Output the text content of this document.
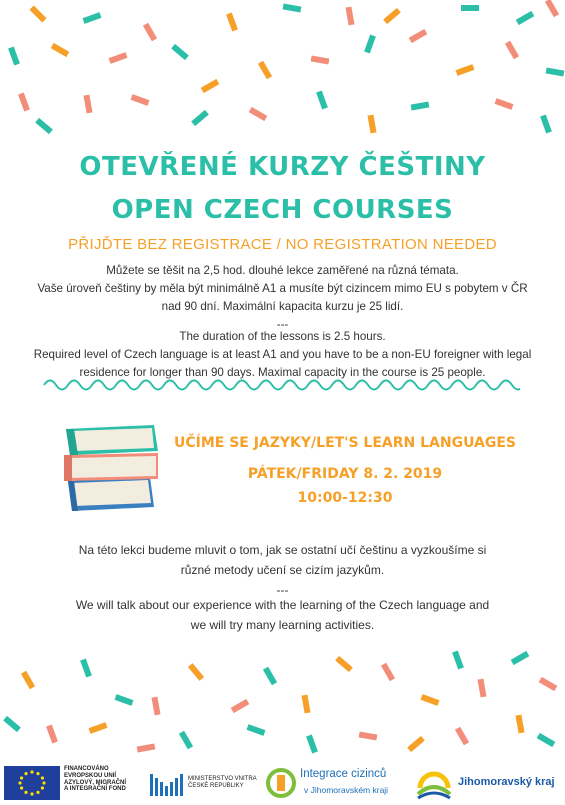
OTEVŘENÉ KURZY ČEŠTINY
OPEN CZECH COURSES
PŘIJĎTE BEZ REGISTRACE / NO REGISTRATION NEEDED
Můžete se těšit na 2,5 hod. dlouhé lekce zaměřené na různá témata.
Vaše úroveň češtiny by měla být minimálně A1 a musíte být cizincem mimo EU s pobytem v ČR
nad 90 dní. Maximální kapacita kurzu je 25 lidí.
---
The duration of the lessons is 2.5 hours.
Required level of Czech language is at least A1 and you have to be a non-EU foreigner with legal
residence for longer than 90 days. Maximal capacity in the course is 25 people.
UČÍME SE JAZYKY/LET'S LEARN LANGUAGES
PÁTEK/FRIDAY 8. 2. 2019
10:00-12:30
Na této lekci budeme mluvit o tom, jak se ostatní učí češtinu a vyzkoušíme si
různé metody učení se cizím jazykům.
---
We will talk about our experience with the learning of the Czech language and
we will try many learning activities.
FINANCOVÁNO
EVROPSKOU UNIÍ
AZYLOVÝ, MIGRAČNÍ
A INTEGRAČNÍ FOND
MINISTERSTVO VNITRA
ČESKÉ REPUBLIKY
Integrace cizinců
v Jihomoravském kraji
Jihomoravský kraj
